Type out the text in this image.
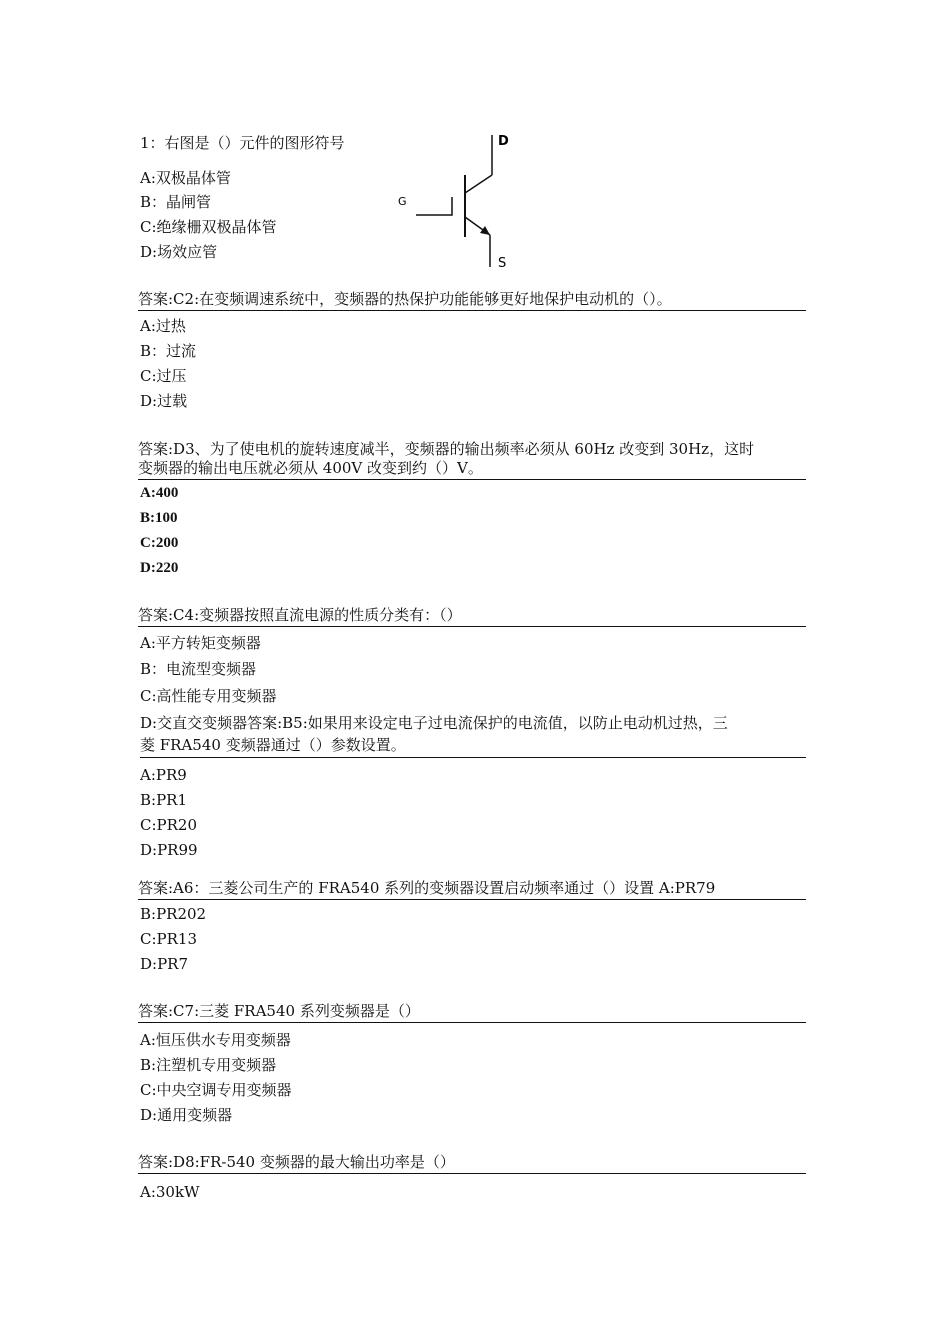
1：右图是（）元件的图形符号
A:双极晶体管
B：晶闸管
C:绝缘栅双极晶体管
D:场效应管
D
G
S
答案:C2:在变频调速系统中，变频器的热保护功能能够更好地保护电动机的（）。
A:过热
B：过流
C:过压
D:过载
答案:D3、为了使电机的旋转速度减半，变频器的输出频率必须从 60Hz 改变到 30Hz，这时
变频器的输出电压就必须从 400V 改变到约（）V。
A:400
B:100
C:200
D:220
答案:C4:变频器按照直流电源的性质分类有：（）
A:平方转矩变频器
B：电流型变频器
C:高性能专用变频器
D:交直交变频器答案:B5:如果用来设定电子过电流保护的电流值，以防止电动机过热，三
菱 FRA540 变频器通过（）参数设置。
A:PR9
B:PR1
C:PR20
D:PR99
答案:A6：三菱公司生产的 FRA540 系列的变频器设置启动频率通过（）设置 A:PR79
B:PR202
C:PR13
D:PR7
答案:C7:三菱 FRA540 系列变频器是（）
A:恒压供水专用变频器
B:注塑机专用变频器
C:中央空调专用变频器
D:通用变频器
答案:D8:FR-540 变频器的最大输出功率是（）
A:30kW
